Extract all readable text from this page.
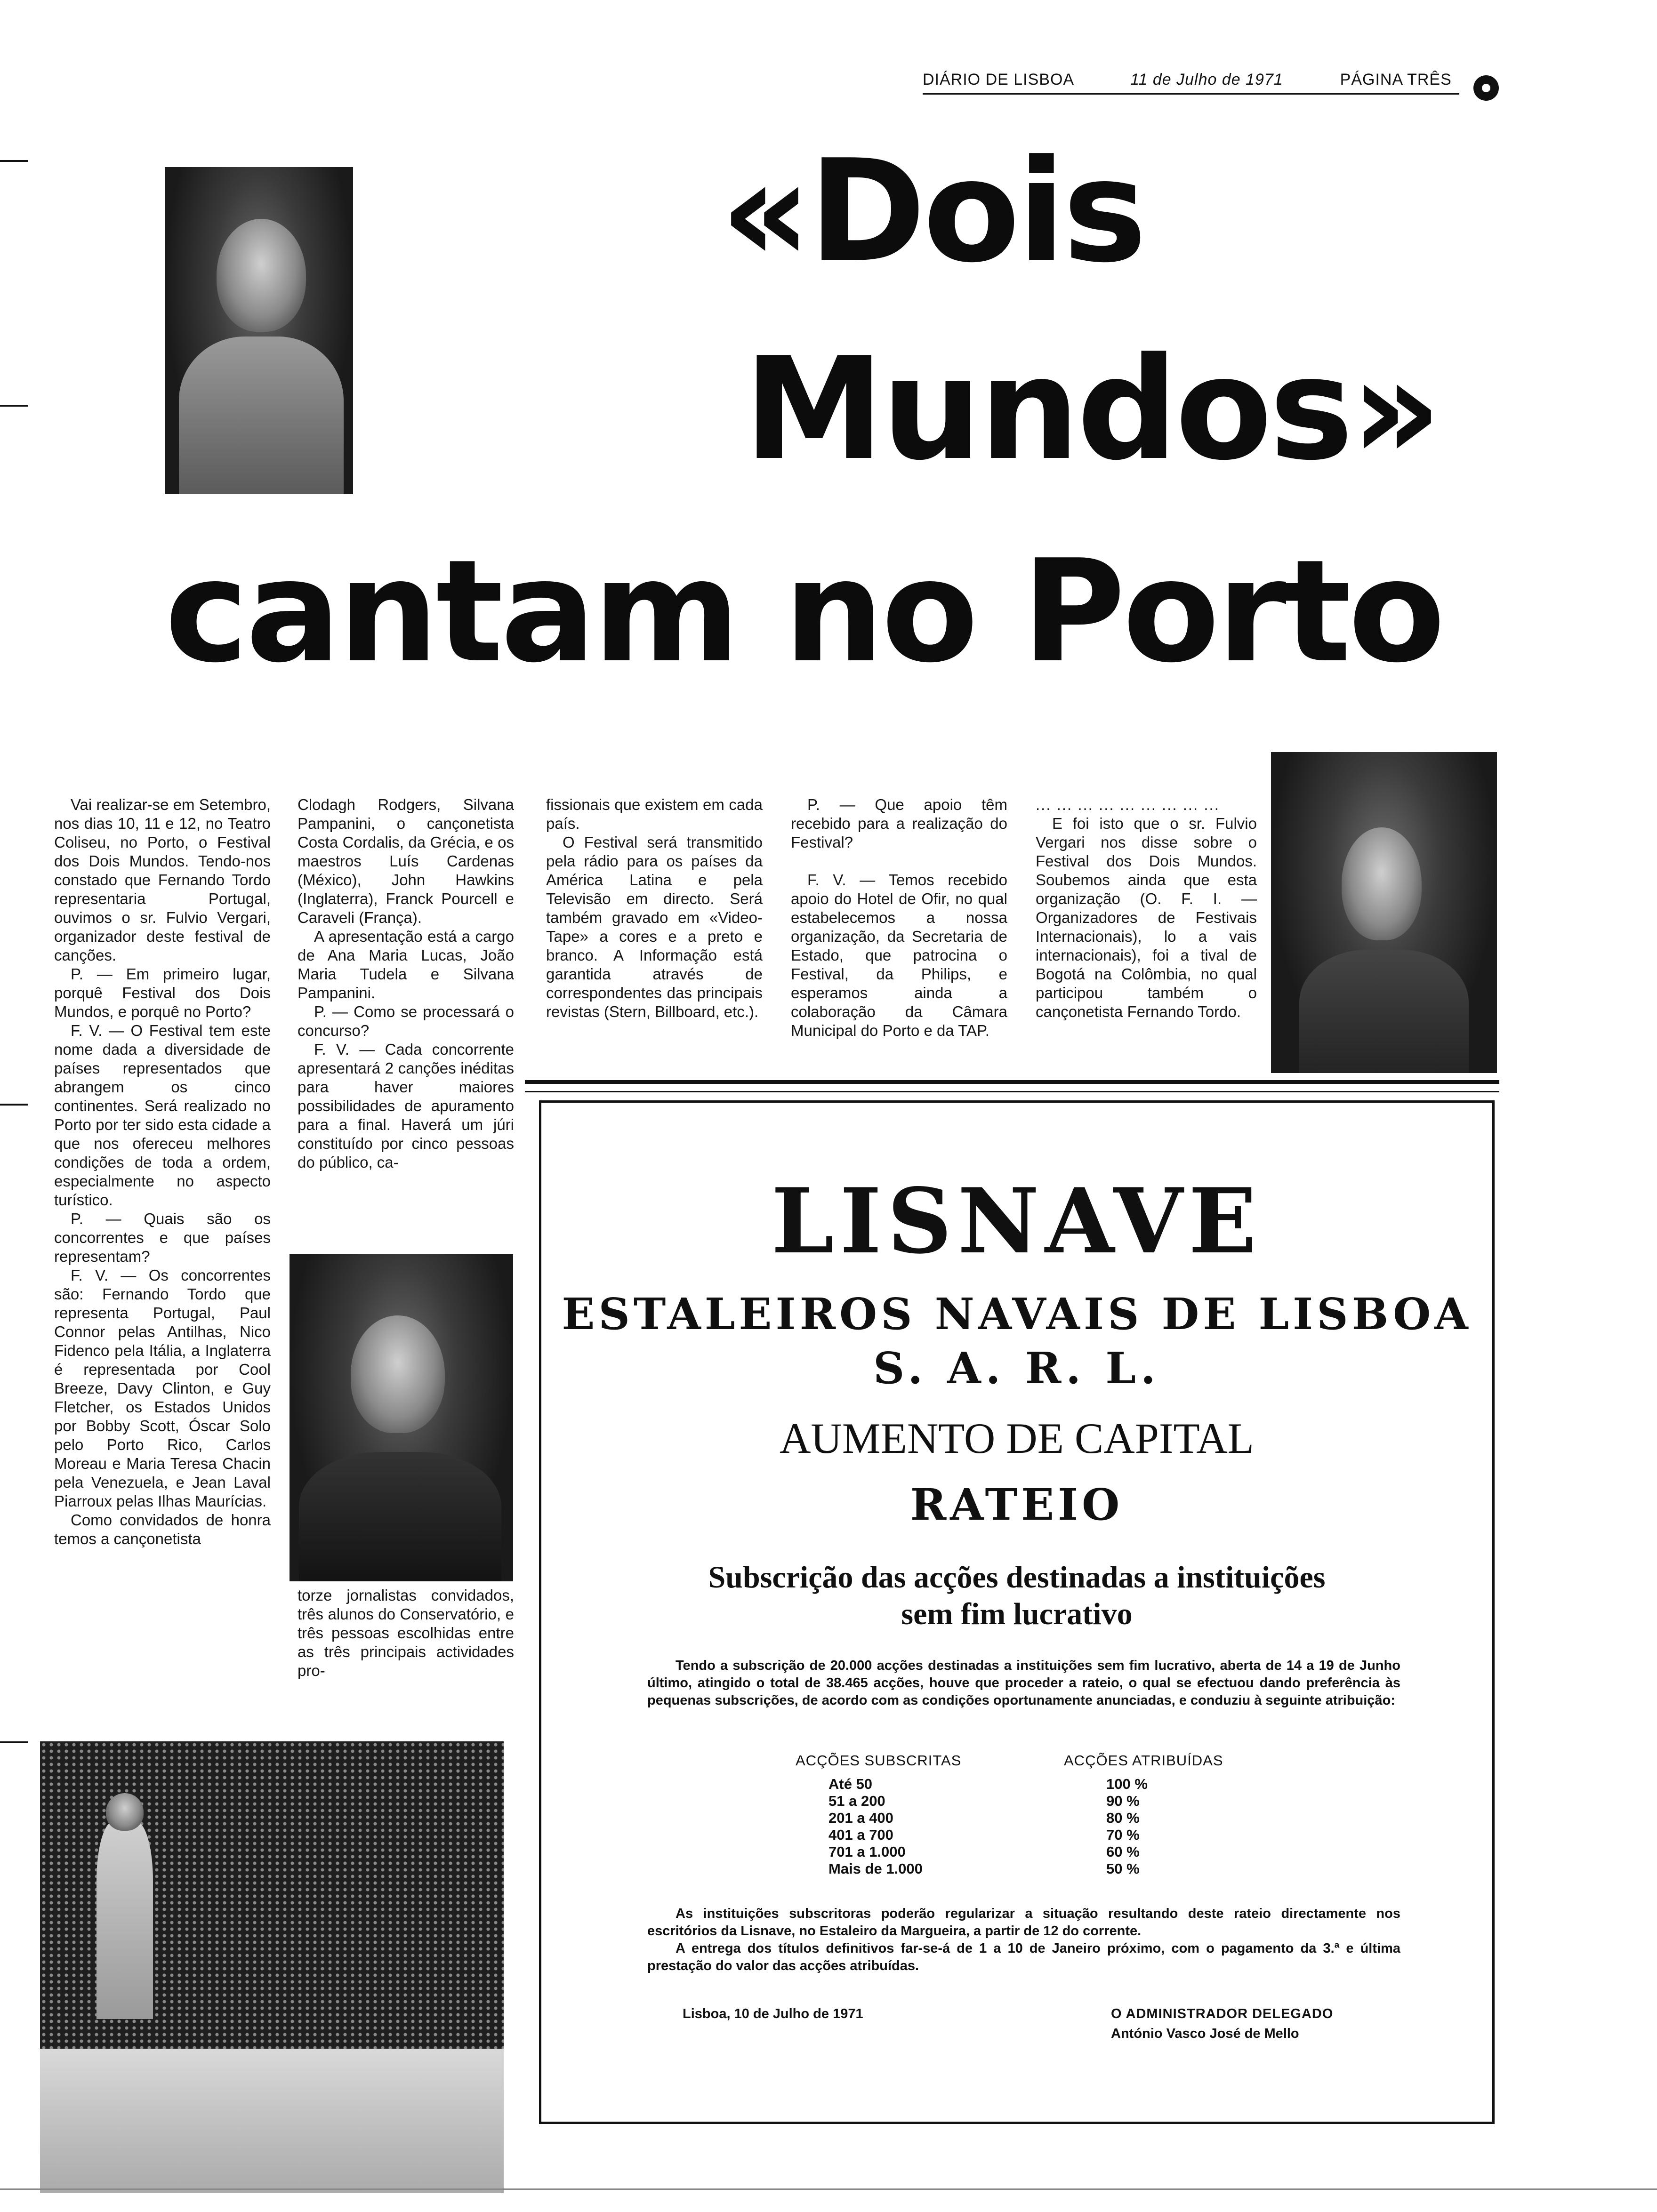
DIÁRIO DE LISBOA	11 de Julho de 1971	PÁGINA TRÊS
«Dois
Mundos»
cantam no Porto

Vai realizar-se em Setembro, nos dias 10, 11 e 12, no Teatro Coliseu, no Porto, o Festival dos Dois Mundos. Tendo-nos constado que Fernando Tordo representaria Portugal, ouvimos o sr. Fulvio Vergari, organizador deste festival de canções.

P. — Em primeiro lugar, porquê Festival dos Dois Mundos, e porquê no Porto?

F. V. — O Festival tem este nome dada a diversidade de países representados que abrangem os cinco continentes. Será realizado no Porto por ter sido esta cidade a que nos ofereceu melhores condições de toda a ordem, especialmente no aspecto turístico.

P. — Quais são os concorrentes e que países representam?

F. V. — Os concorrentes são: Fernando Tordo que representa Portugal, Paul Connor pelas Antilhas, Nico Fidenco pela Itália, a Inglaterra é representada por Cool Breeze, Davy Clinton, e Guy Fletcher, os Estados Unidos por Bobby Scott, Óscar Solo pelo Porto Rico, Carlos Moreau e Maria Teresa Chacin pela Venezuela, e Jean Laval Piarroux pelas Ilhas Maurícias.

Como convidados de honra temos a cançonetista

Clodagh Rodgers, Silvana Pampanini, o cançonetista Costa Cordalis, da Grécia, e os maestros Luís Cardenas (México), John Hawkins (Inglaterra), Franck Pourcell e Caraveli (França).

A apresentação está a cargo de Ana Maria Lucas, João Maria Tudela e Silvana Pampanini.

P. — Como se processará o concurso?

F. V. — Cada concorrente apresentará 2 canções inéditas para haver maiores possibilidades de apuramento para a final. Haverá um júri constituído por cinco pessoas do público, ca-

torze jornalistas convidados, três alunos do Conservatório, e três pessoas escolhidas entre as três principais actividades pro-

fissionais que existem em cada país.

O Festival será transmitido pela rádio para os países da América Latina e pela Televisão em directo. Será também gravado em «Video-Tape» a cores e a preto e branco. A Informação está garantida através de correspondentes das principais revistas (Stern, Billboard, etc.).

P. — Que apoio têm recebido para a realização do Festival?

F. V. — Temos recebido apoio do Hotel de Ofir, no qual estabelecemos a nossa organização, da Secretaria de Estado, que patrocina o Festival, da Philips, e esperamos ainda a colaboração da Câmara Municipal do Porto e da TAP.

... ... ... ... ... ... ... ... ...

E foi isto que o sr. Fulvio Vergari nos disse sobre o Festival dos Dois Mundos. Soubemos ainda que esta organização (O. F. I. — Organizadores de Festivais Internacionais), lo a vais internacionais), foi a tival de Bogotá na Colômbia, no qual participou também o cançonetista Fernando Tordo.

LISNAVE
ESTALEIROS NAVAIS DE LISBOA
S. A. R. L.
AUMENTO DE CAPITAL
RATEIO
Subscrição das acções destinadas a instituições
sem fim lucrativo
Tendo a subscrição de 20.000 acções destinadas a instituições sem fim lucrativo, aberta de 14 a 19 de Junho último, atingido o total de 38.465 acções, houve que proceder a rateio, o qual se efectuou dando preferência às pequenas subscrições, de acordo com as condições oportunamente anunciadas, e conduziu à seguinte atribuição:
ACÇÕES SUBSCRITAS	ACÇÕES ATRIBUÍDAS
Até 50	100 %
51 a 200	90 %
201 a 400	80 %
401 a 700	70 %
701 a 1.000	60 %
Mais de 1.000	50 %

As instituições subscritoras poderão regularizar a situação resultando deste rateio directamente nos escritórios da Lisnave, no Estaleiro da Margueira, a partir de 12 do corrente.

A entrega dos títulos definitivos far-se-á de 1 a 10 de Janeiro próximo, com o pagamento da 3.ª e última prestação do valor das acções atribuídas.

Lisboa, 10 de Julho de 1971	O ADMINISTRADOR DELEGADO
António Vasco José de Mello
